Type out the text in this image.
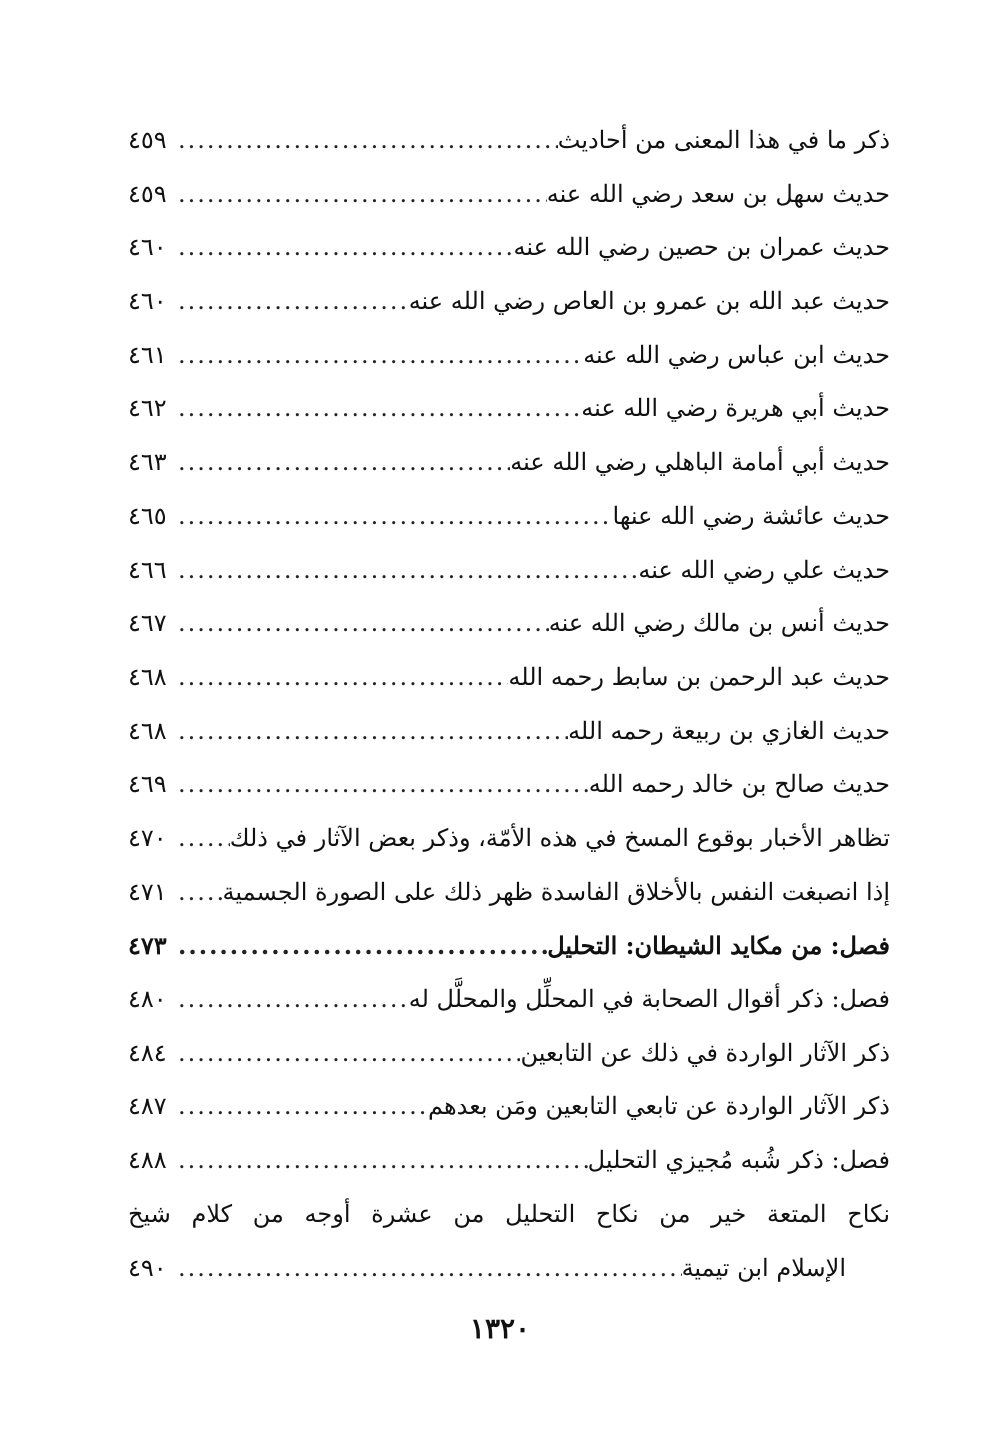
ذكر ما في هذا المعنى من أحاديث
.....
٤٥٩
حديث سهل بن سعد رضي الله عنه
.....
٤٥٩
حديث عمران بن حصين رضي الله عنه
.....
٤٦٠
حديث عبد الله بن عمرو بن العاص رضي الله عنه
.....
٤٦٠
حديث ابن عباس رضي الله عنه
.....
٤٦١
حديث أبي هريرة رضي الله عنه
.....
٤٦٢
حديث أبي أمامة الباهلي رضي الله عنه
.....
٤٦٣
حديث عائشة رضي الله عنها
.....
٤٦٥
حديث علي رضي الله عنه
.....
٤٦٦
حديث أنس بن مالك رضي الله عنه
.....
٤٦٧
حديث عبد الرحمن بن سابط رحمه الله
.....
٤٦٨
حديث الغازي بن ربيعة رحمه الله
.....
٤٦٨
حديث صالح بن خالد رحمه الله
.....
٤٦٩
تظاهر الأخبار بوقوع المسخ في هذه الأمّة، وذكر بعض الآثار في ذلك
.....
٤٧٠
إذا انصبغت النفس بالأخلاق الفاسدة ظهر ذلك على الصورة الجسمية
.....
٤٧١
فصل: من مكايد الشيطان: التحليل
.....
٤٧٣
فصل: ذكر أقوال الصحابة في المحلِّل والمحلَّل له
.....
٤٨٠
ذكر الآثار الواردة في ذلك عن التابعين
.....
٤٨٤
ذكر الآثار الواردة عن تابعي التابعين ومَن بعدهم
.....
٤٨٧
فصل: ذكر شُبه مُجيزي التحليل
.....
٤٨٨
نكاح المتعة خير من نكاح التحليل من عشرة أوجه من كلام شيخ
الإسلام ابن تيمية
.....
٤٩٠
١٣٢٠
